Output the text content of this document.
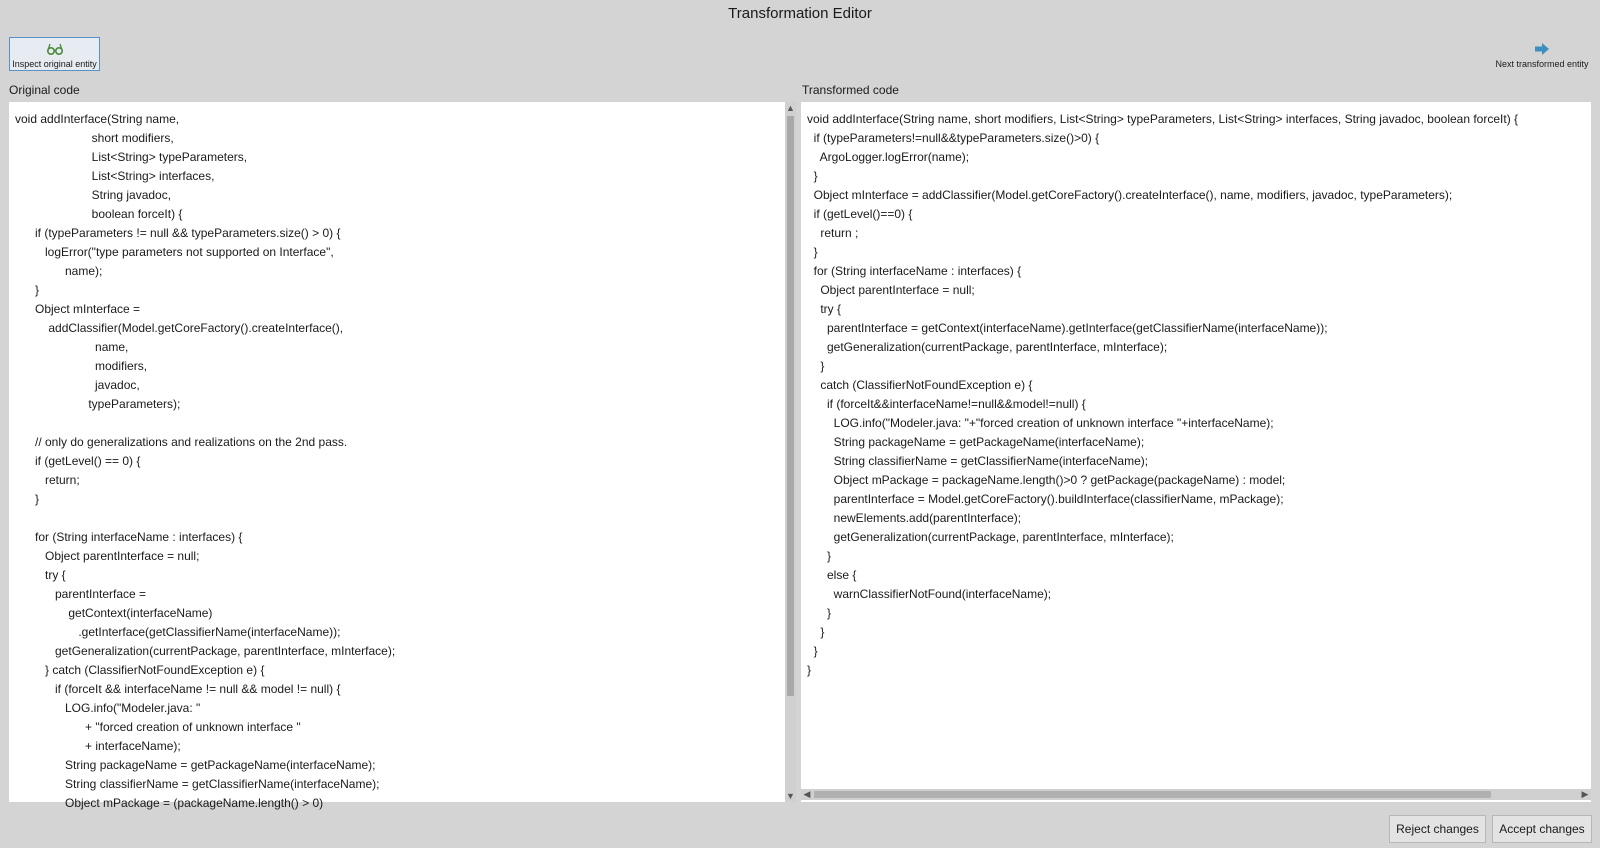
Transformation Editor
Inspect original entity	Next transformed entity
Original code	Transformed code
void addInterface(String name,
short modifiers,
List<String> typeParameters,
List<String> interfaces,
String javadoc,
boolean forceIt) {
if (typeParameters != null && typeParameters.size() > 0) {
logError("type parameters not supported on Interface",
name);
}
Object mInterface =
addClassifier(Model.getCoreFactory().createInterface(),
name,
modifiers,
javadoc,
typeParameters);

// only do generalizations and realizations on the 2nd pass.
if (getLevel() == 0) {
return;
}

for (String interfaceName : interfaces) {
Object parentInterface = null;
try {
parentInterface =
getContext(interfaceName)
.getInterface(getClassifierName(interfaceName));
getGeneralization(currentPackage, parentInterface, mInterface);
} catch (ClassifierNotFoundException e) {
if (forceIt && interfaceName != null && model != null) {
LOG.info("Modeler.java: "
+ "forced creation of unknown interface "
+ interfaceName);
String packageName = getPackageName(interfaceName);
String classifierName = getClassifierName(interfaceName);
Object mPackage = (packageName.length() > 0)
▲
▼
void addInterface(String name, short modifiers, List<String> typeParameters, List<String> interfaces, String javadoc, boolean forceIt) {
if (typeParameters!=null&&typeParameters.size()>0) {
ArgoLogger.logError(name);
}
Object mInterface = addClassifier(Model.getCoreFactory().createInterface(), name, modifiers, javadoc, typeParameters);
if (getLevel()==0) {
return ;
}
for (String interfaceName : interfaces) {
Object parentInterface = null;
try {
parentInterface = getContext(interfaceName).getInterface(getClassifierName(interfaceName));
getGeneralization(currentPackage, parentInterface, mInterface);
}
catch (ClassifierNotFoundException e) {
if (forceIt&&interfaceName!=null&&model!=null) {
LOG.info("Modeler.java: "+"forced creation of unknown interface "+interfaceName);
String packageName = getPackageName(interfaceName);
String classifierName = getClassifierName(interfaceName);
Object mPackage = packageName.length()>0 ? getPackage(packageName) : model;
parentInterface = Model.getCoreFactory().buildInterface(classifierName, mPackage);
newElements.add(parentInterface);
getGeneralization(currentPackage, parentInterface, mInterface);
}
else {
warnClassifierNotFound(interfaceName);
}
}
}
}
◀	▶
Reject changes	Accept changes
